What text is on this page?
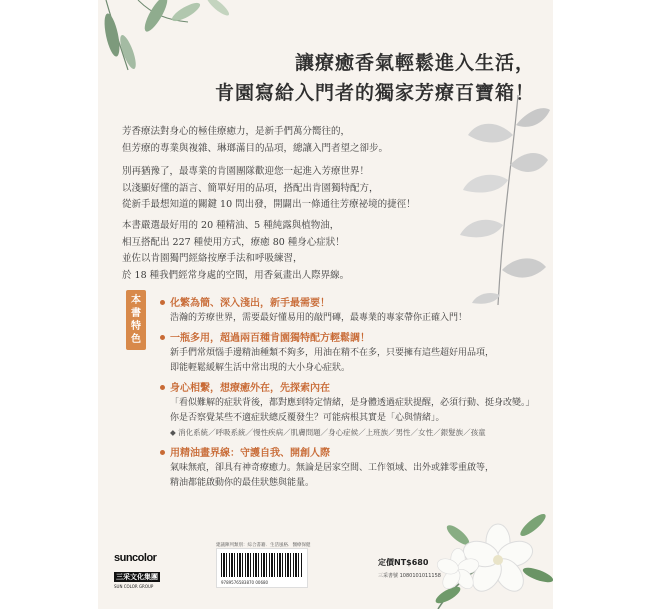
讓療癒香氣輕鬆進入生活，
肯園寫給入門者的獨家芳療百寶箱！
芳香療法對身心的極佳療癒力，是新手們萬分嚮往的，
但芳療的專業與複雜、琳瑯滿目的品項，總讓入門者望之卻步。
別再猶豫了，最專業的肯園團隊歡迎您一起進入芳療世界！
以淺顯好懂的語言、簡單好用的品項，搭配出肯園獨特配方，
從新手最想知道的關鍵 10 問出發，開闢出一條通往芳療祕境的捷徑！
本書嚴選最好用的 20 種精油、5 種純露與植物油，
相互搭配出 227 種使用方式，療癒 80 種身心症狀！
並佐以肯園獨門經絡按摩手法和呼吸練習，
於 18 種我們經常身處的空間，用香氣畫出人際界線。
本
書
特
色
化繁為簡、深入淺出，新手最需要！
浩瀚的芳療世界，需要最好懂易用的敲門磚，最專業的專家帶你正確入門！
一瓶多用，超過兩百種肯園獨特配方輕鬆調！
新手們常煩惱手邊精油種類不夠多，用油在精不在多，只要擁有這些超好用品項，
即能輕鬆緩解生活中常出現的大小身心症狀。
身心相繫，想療癒外在，先探索內在
「看似難解的症狀背後，都對應到特定情緒，是身體透過症狀提醒，必須行動、挺身改變。」
你是否察覺某些不適症狀總反覆發生？可能病根其實是「心與情緒」。
◆ 消化系統／呼吸系統／慢性疾病／肌膚問題／身心症候／上班族／男性／女性／銀髮族／孩童
用精油畫界線：守護自我、開創人際
氣味無痕，卻具有神奇療癒力。無論是居家空間、工作領域、出外或雜零重啟等，
精油都能啟動你的最佳狀態與能量。
suncolor
三采文化集團
SUN COLOR GROUP
建議陳列類別：綜合書籍．生活風格．醫療保健
9789576583870 00680
定價NT$680
三采書號 1080101011158
